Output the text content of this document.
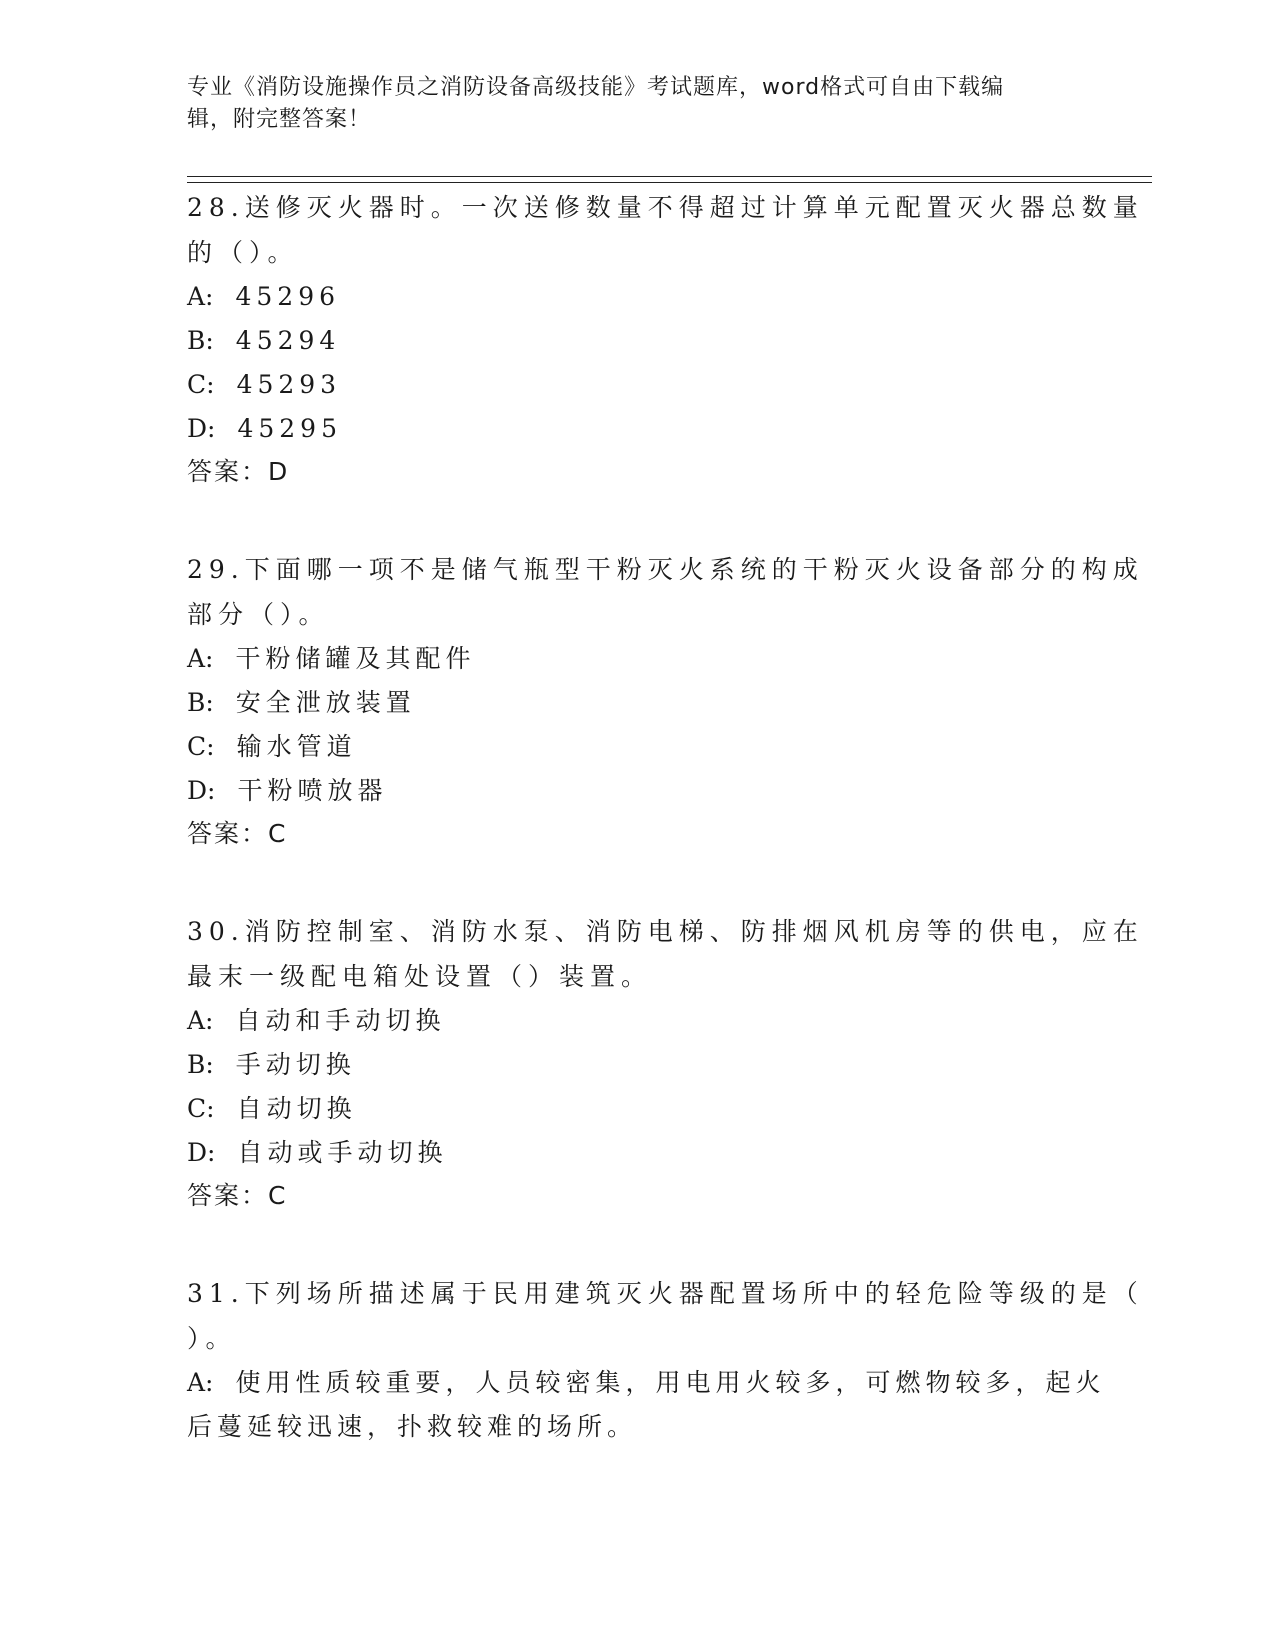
专业《消防设施操作员之消防设备高级技能》考试题库，word格式可自由下载编
辑，附完整答案！
28.送修灭火器时。一次送修数量不得超过计算单元配置灭火器总数量
的（）。
A: 45296
B: 45294
C: 45293
D: 45295
答案：D
29.下面哪一项不是储气瓶型干粉灭火系统的干粉灭火设备部分的构成
部分（）。
A: 干粉储罐及其配件
B: 安全泄放装置
C: 输水管道
D: 干粉喷放器
答案：C
30.消防控制室、消防水泵、消防电梯、防排烟风机房等的供电，应在
最末一级配电箱处设置（）装置。
A: 自动和手动切换
B: 手动切换
C: 自动切换
D: 自动或手动切换
答案：C
31.下列场所描述属于民用建筑灭火器配置场所中的轻危险等级的是（
）。
A: 使用性质较重要，人员较密集，用电用火较多，可燃物较多，起火
后蔓延较迅速，扑救较难的场所。
